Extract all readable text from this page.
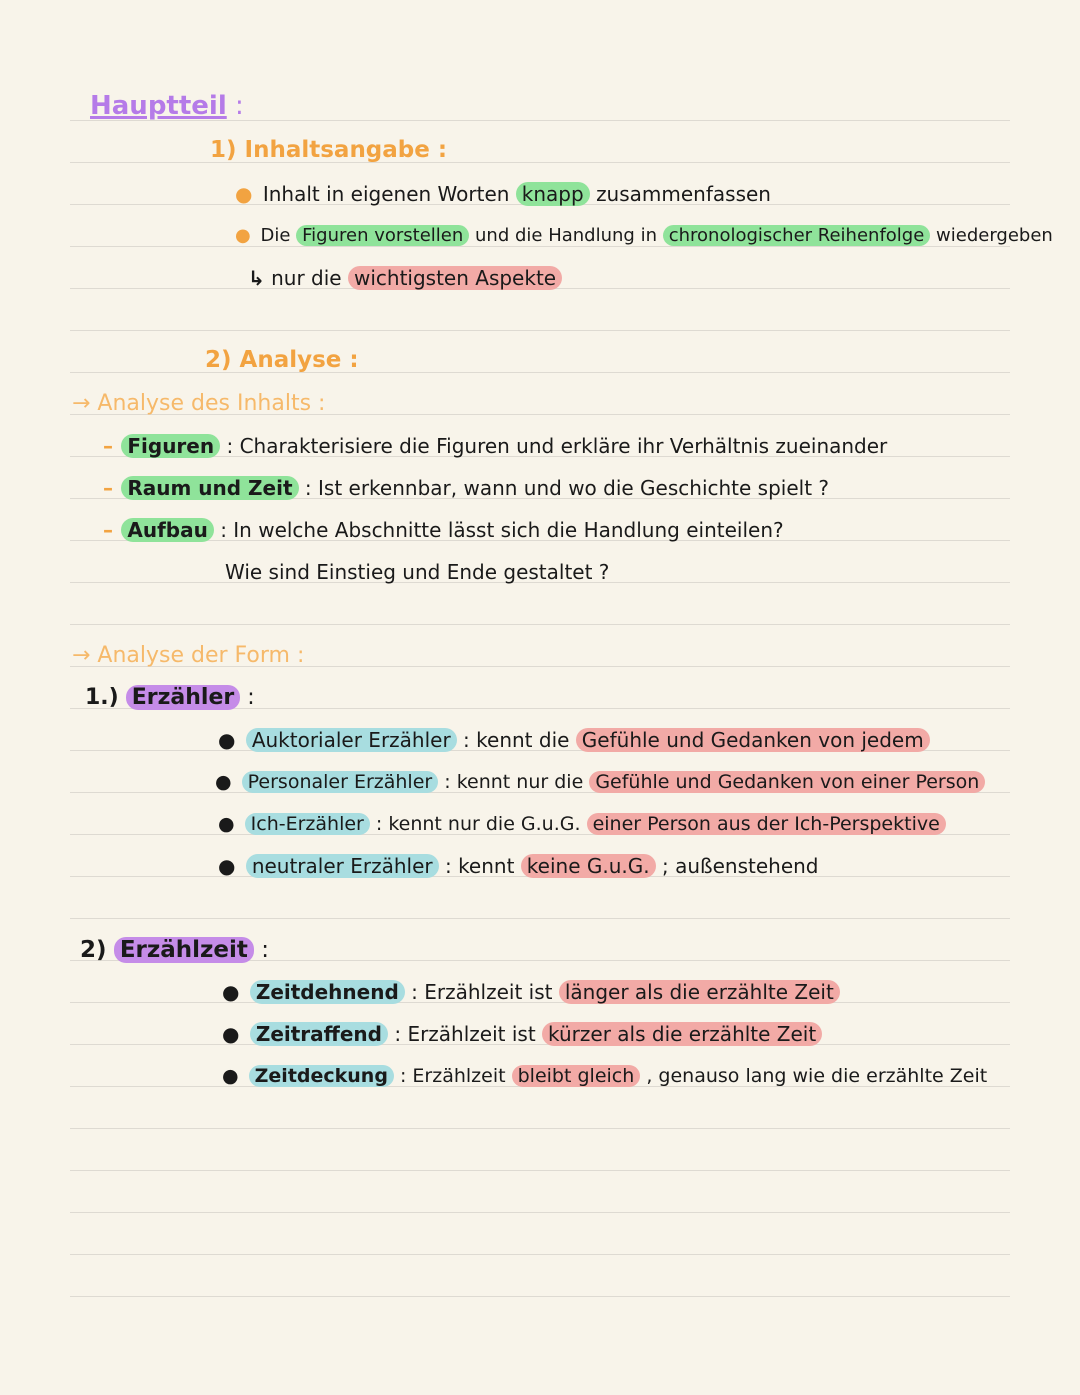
Hauptteil :
1) Inhaltsangabe :
● Inhalt in eigenen Worten knapp zusammenfassen
● Die Figuren vorstellen und die Handlung in chronologischer Reihenfolge wiedergeben
↳ nur die wichtigsten Aspekte
2) Analyse :
→ Analyse des Inhalts :
– Figuren : Charakterisiere die Figuren und erkläre ihr Verhältnis zueinander
– Raum und Zeit : Ist erkennbar, wann und wo die Geschichte spielt ?
– Aufbau : In welche Abschnitte lässt sich die Handlung einteilen?
Wie sind Einstieg und Ende gestaltet ?
→ Analyse der Form :
1.) Erzähler :
● Auktorialer Erzähler : kennt die Gefühle und Gedanken von jedem
● Personaler Erzähler : kennt nur die Gefühle und Gedanken von einer Person
● Ich-Erzähler : kennt nur die G.u.G. einer Person aus der Ich-Perspektive
● neutraler Erzähler : kennt keine G.u.G. ; außenstehend
2) Erzählzeit :
● Zeitdehnend : Erzählzeit ist länger als die erzählte Zeit
● Zeitraffend : Erzählzeit ist kürzer als die erzählte Zeit
● Zeitdeckung : Erzählzeit bleibt gleich , genauso lang wie die erzählte Zeit
